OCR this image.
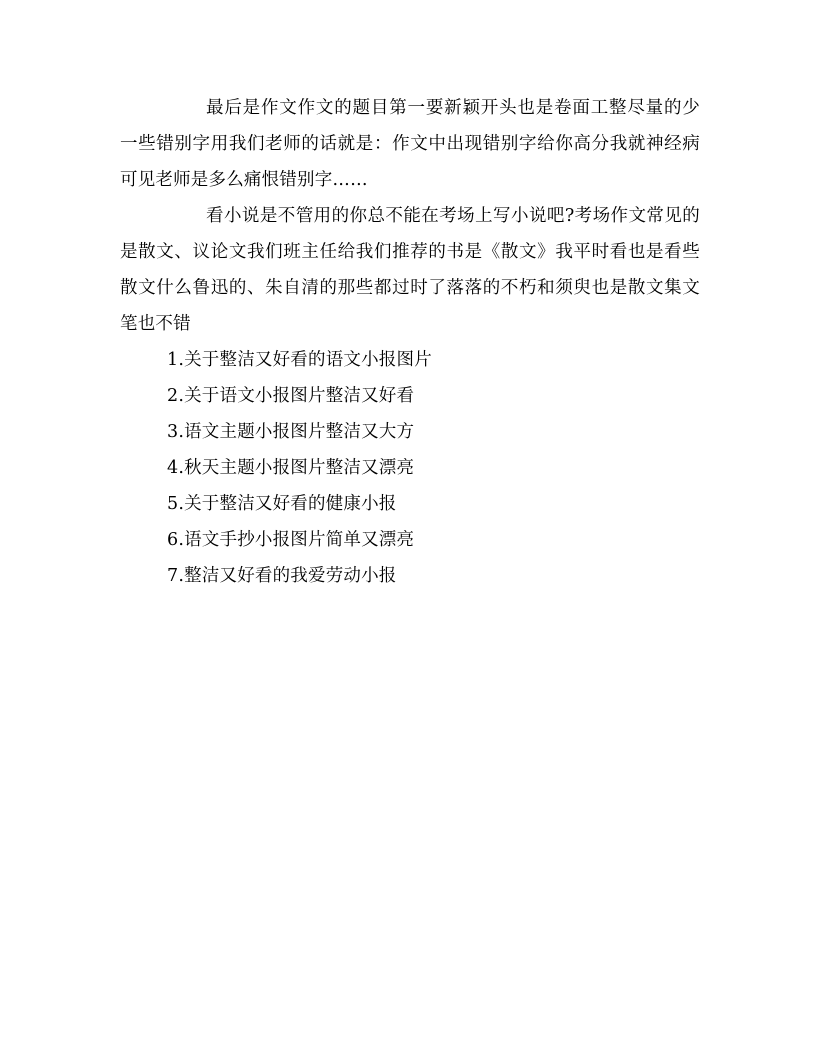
最后是作文作文的题目第一要新颖开头也是卷面工整尽量的少一些错别字用我们老师的话就是：作文中出现错别字给你高分我就神经病可见老师是多么痛恨错别字……

看小说是不管用的你总不能在考场上写小说吧?考场作文常见的是散文、议论文我们班主任给我们推荐的书是《散文》我平时看也是看些散文什么鲁迅的、朱自清的那些都过时了落落的不朽和须臾也是散文集文笔也不错

1.关于整洁又好看的语文小报图片
2.关于语文小报图片整洁又好看
3.语文主题小报图片整洁又大方
4.秋天主题小报图片整洁又漂亮
5.关于整洁又好看的健康小报
6.语文手抄小报图片简单又漂亮
7.整洁又好看的我爱劳动小报
